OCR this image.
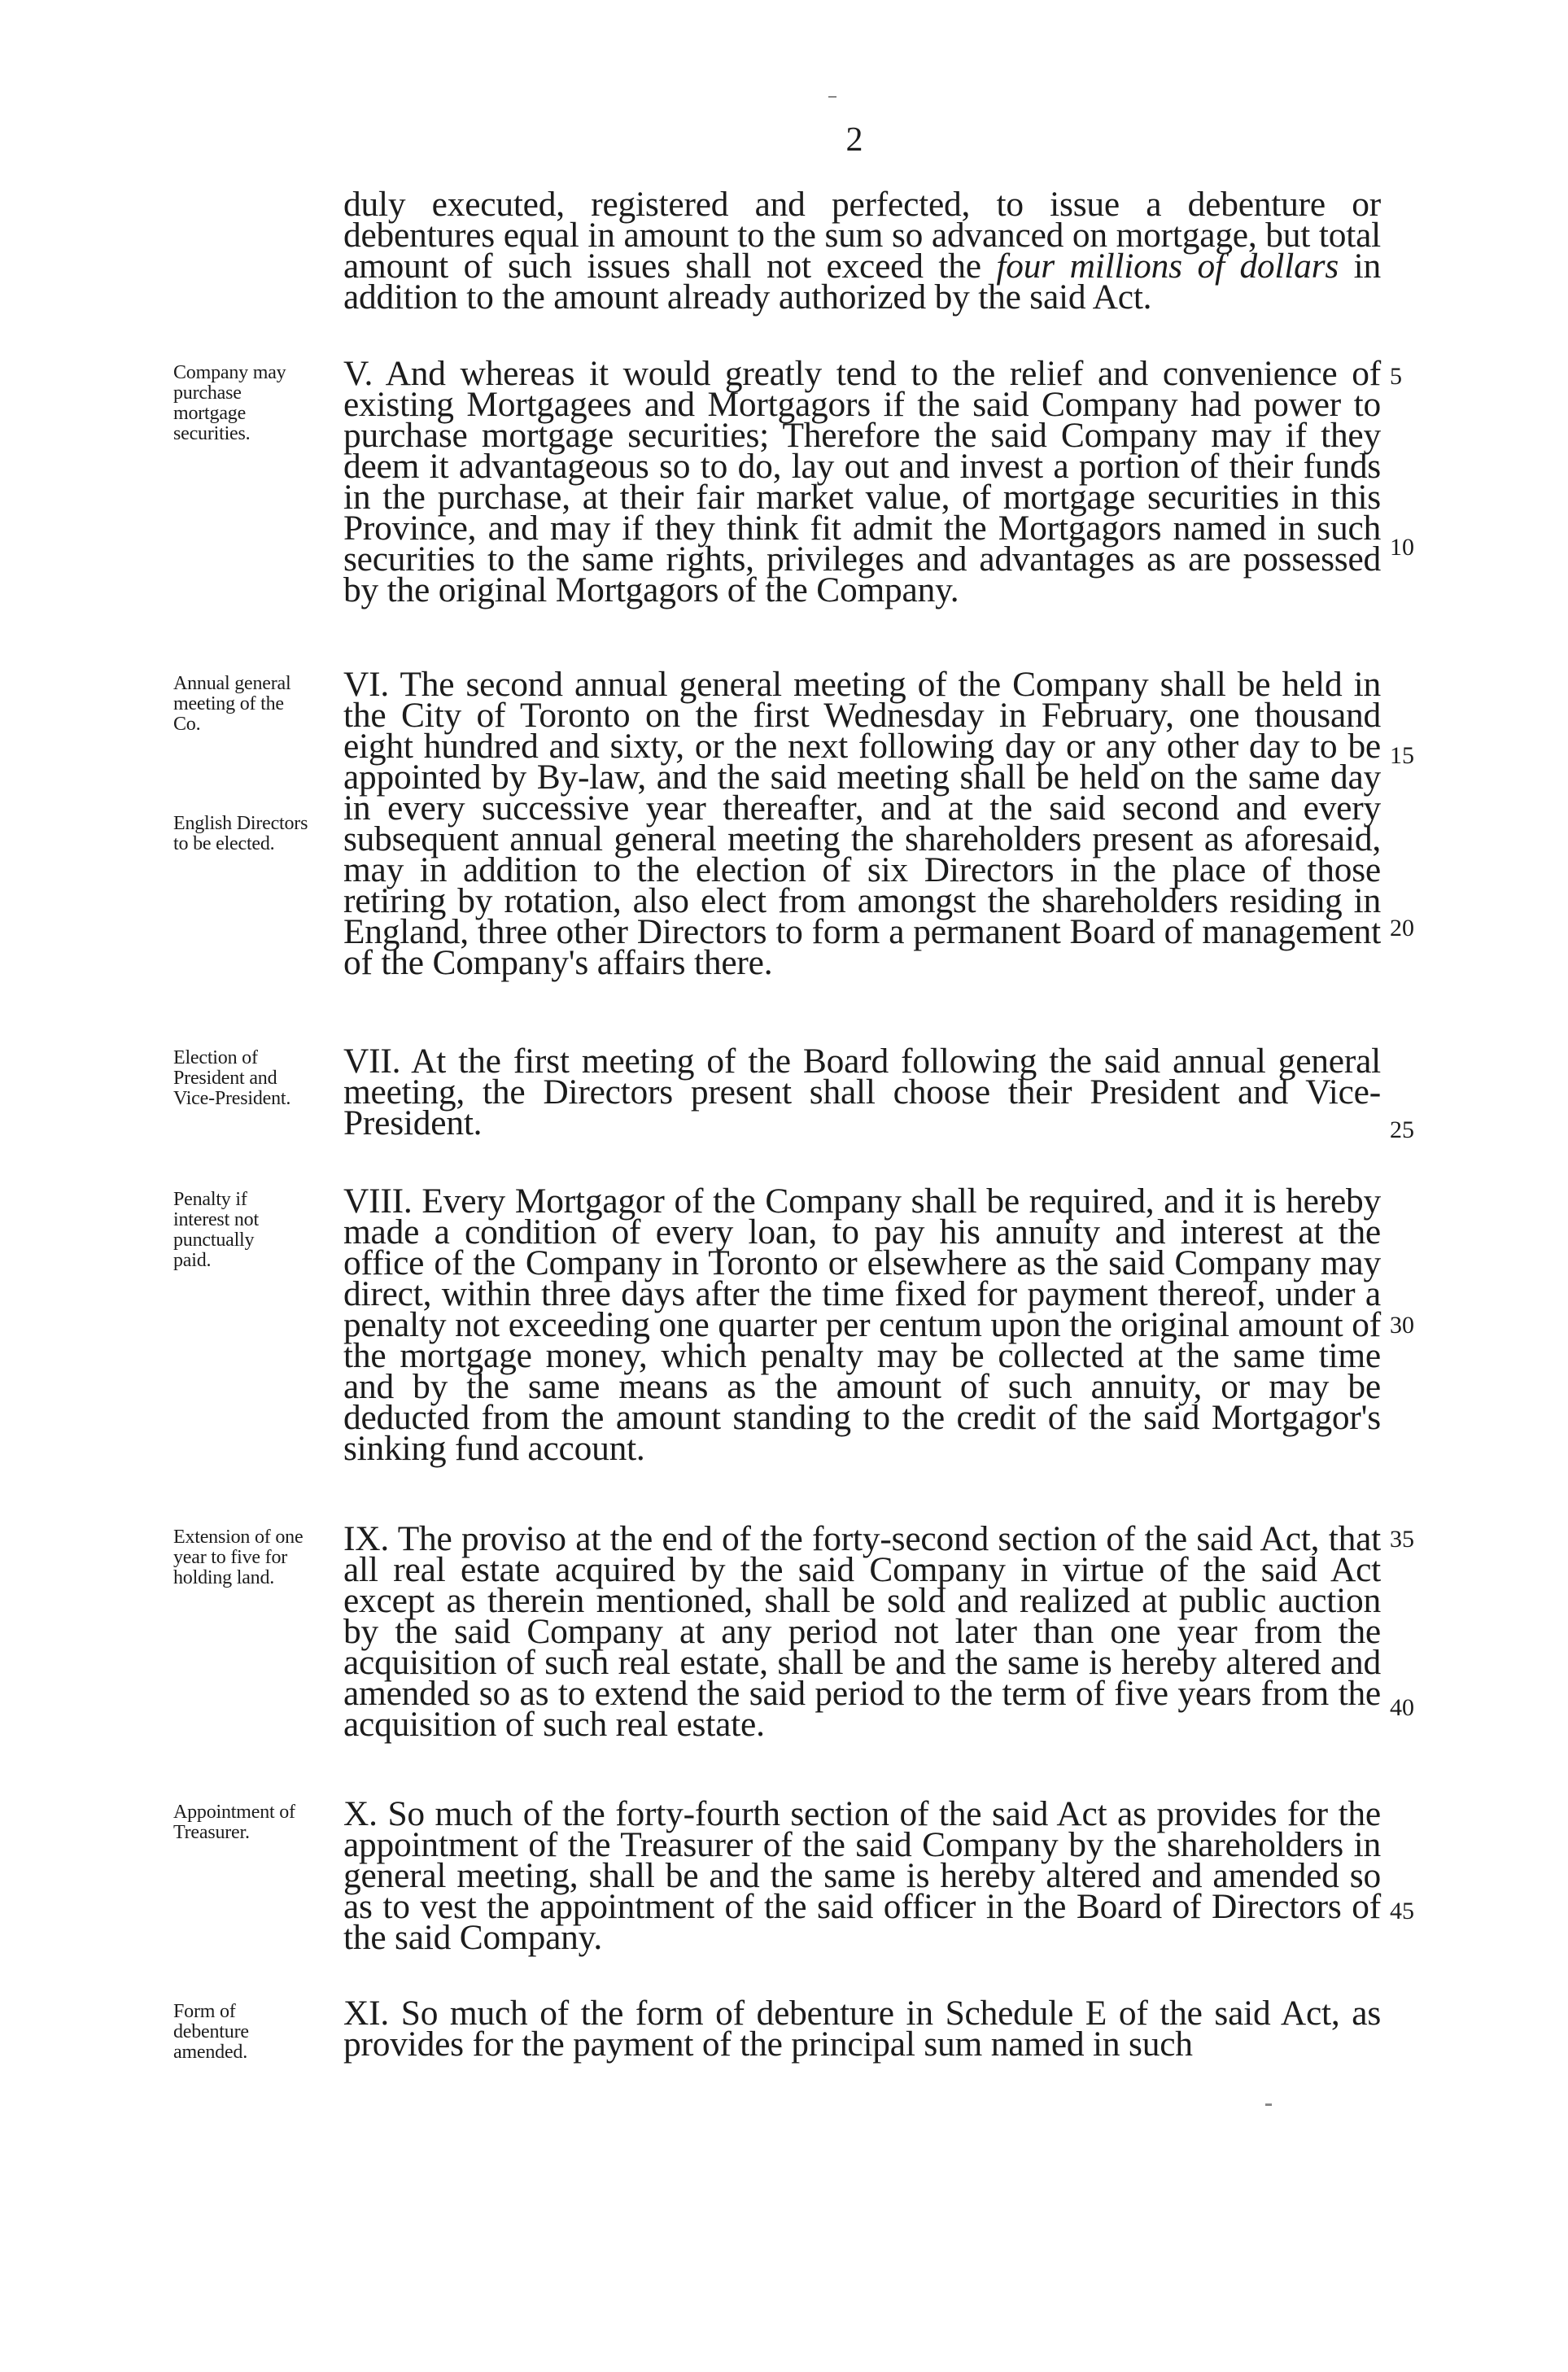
2
duly executed, registered and perfected, to issue a debenture or debentures equal in amount to the sum so advanced on mortgage, but total amount of such issues shall not exceed the four millions of dollars in addition to the amount already authorized by the said Act.
Company may purchase mortgage securities.
V. And whereas it would greatly tend to the relief and convenience of existing Mortgagees and Mortgagors if the said Company had power to purchase mortgage securities; Therefore the said Company may if they deem it advantageous so to do, lay out and invest a portion of their funds in the purchase, at their fair market value, of mortgage securities in this Province, and may if they think fit admit the Mortgagors named in such securities to the same rights, privileges and advantages as are possessed by the original Mortgagors of the Company.
5
10
Annual general meeting of the Co.
English Directors to be elected.
VI. The second annual general meeting of the Company shall be held in the City of Toronto on the first Wednesday in February, one thousand eight hundred and sixty, or the next following day or any other day to be appointed by By-law, and the said meeting shall be held on the same day in every successive year thereafter, and at the said second and every subsequent annual general meeting the shareholders present as aforesaid, may in addition to the election of six Directors in the place of those retiring by rotation, also elect from amongst the shareholders residing in England, three other Directors to form a permanent Board of management of the Company's affairs there.
15
20
Election of President and Vice-President.
VII. At the first meeting of the Board following the said annual general meeting, the Directors present shall choose their President and Vice-President.	25
Penalty if interest not punctually paid.
VIII. Every Mortgagor of the Company shall be required, and it is hereby made a condition of every loan, to pay his annuity and interest at the office of the Company in Toronto or elsewhere as the said Company may direct, within three days after the time fixed for payment thereof, under a penalty not exceeding one quarter per centum upon the original amount of the mortgage money, which penalty may be collected at the same time and by the same means as the amount of such annuity, or may be deducted from the amount standing to the credit of the said Mortgagor's sinking fund account.
30
Extension of one year to five for holding land.
IX. The proviso at the end of the forty-second section of the said Act, that all real estate acquired by the said Company in virtue of the said Act except as therein mentioned, shall be sold and realized at public auction by the said Company at any period not later than one year from the acquisition of such real estate, shall be and the same is hereby altered and amended so as to extend the said period to the term of five years from the acquisition of such real estate.
35
40
Appointment of Treasurer.	X. So much of the forty-fourth section of the said Act as provides for the appointment of the Treasurer of the said Company by the shareholders in general meeting, shall be and the same is hereby altered and amended so as to vest the appointment of the said officer in the Board of Directors of the said Company.
45
Form of debenture amended.
XI. So much of the form of debenture in Schedule E of the said Act, as provides for the payment of the principal sum named in such
